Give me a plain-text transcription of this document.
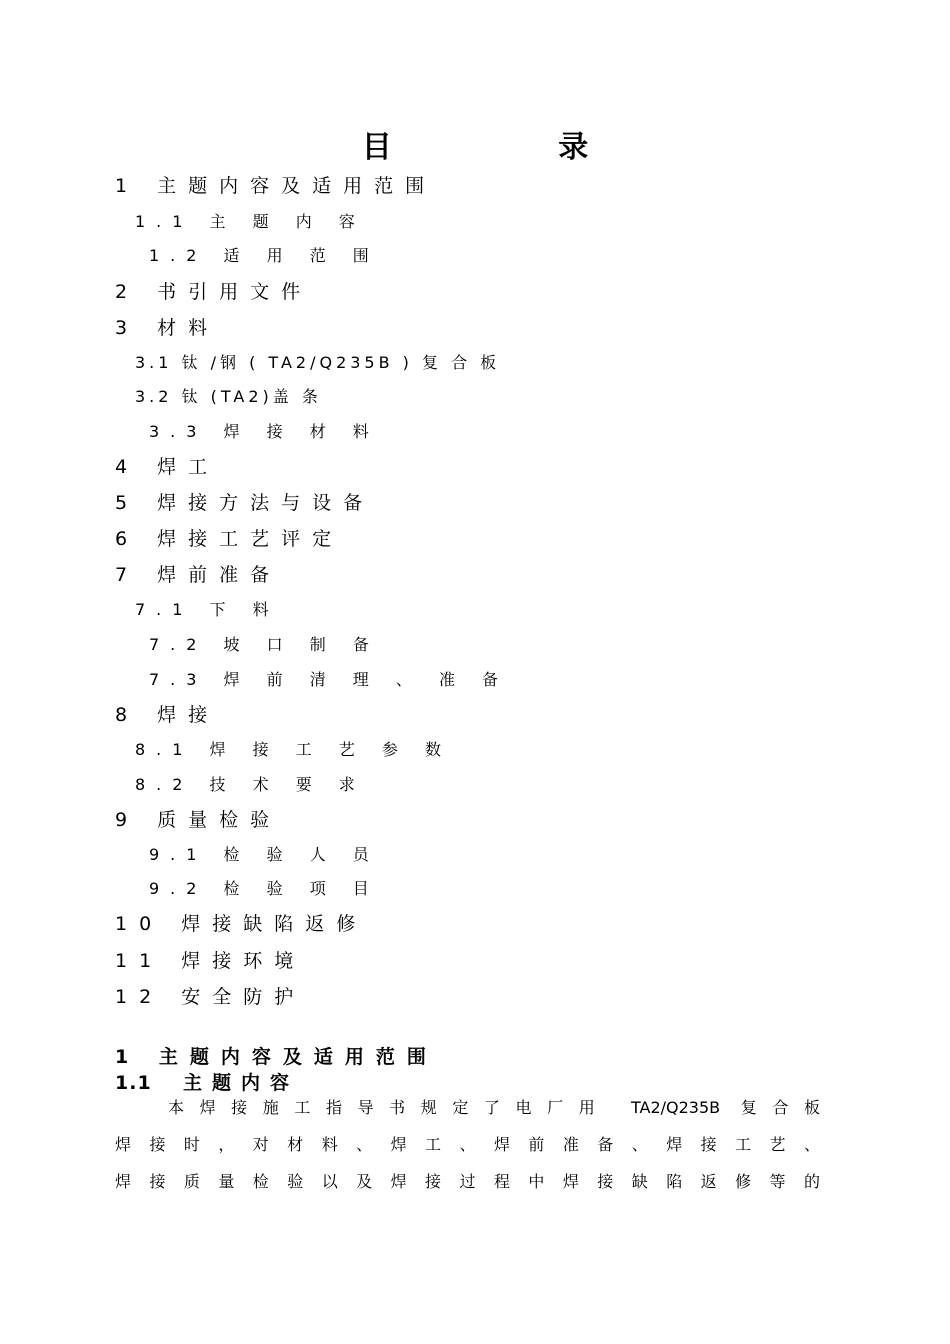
目 录
1 主题内容及适用范围
1.1 主 题 内 容
1.2 适 用 范 围
2 书引用文件
3 材料
3.1 钛 /钢 ( TA2/Q235B ) 复 合 板
3.2 钛 (TA2)盖 条
3.3 焊 接 材 料
4 焊工
5 焊接方法与设备
6 焊接工艺评定
7 焊前准备
7.1 下 料
7.2 坡 口 制 备
7.3 焊 前 清 理 、 准 备
8 焊接
8.1 焊 接 工 艺 参 数
8.2 技 术 要 求
9 质量检验
9.1 检 验 人 员
9.2 检 验 项 目
10 焊接缺陷返修
11 焊接环境
12 安全防护
1 主题内容及适用范围
1.1 主题内容
本焊接施工指导书规定了电厂用 TA2/Q235B 复合板
焊接时，对材料、焊工、焊前准备、焊接工艺、
焊接质量检验以及焊接过程中焊接缺陷返修等的
